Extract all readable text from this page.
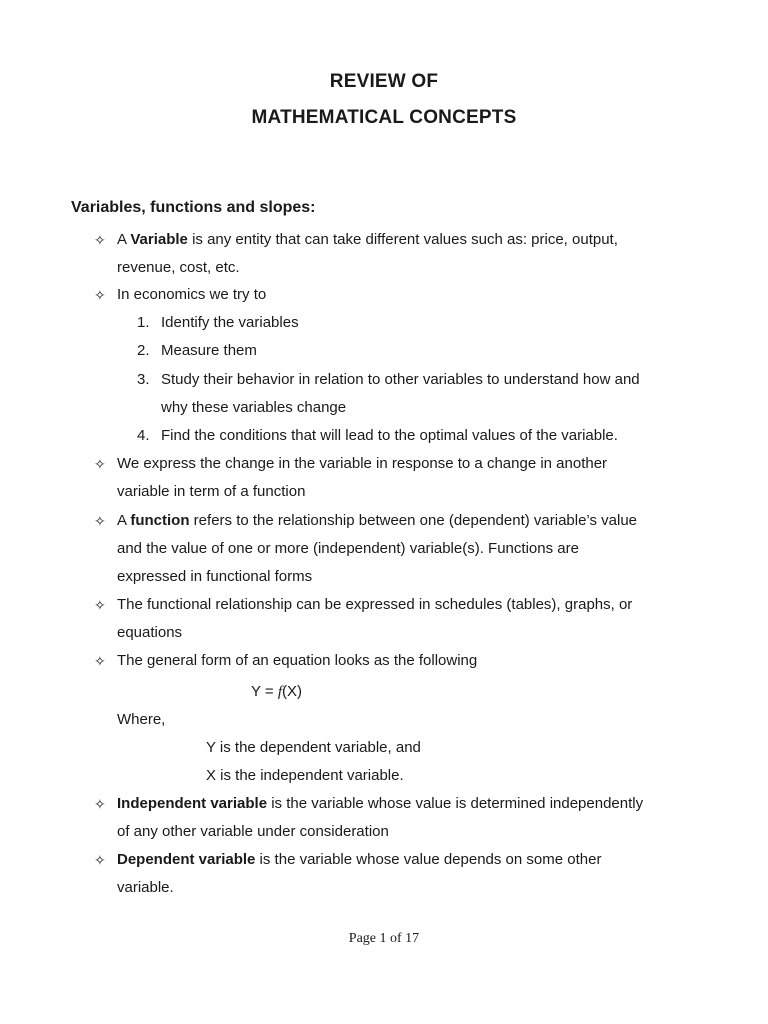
REVIEW OF
MATHEMATICAL CONCEPTS
Variables, functions and slopes:
✧ A Variable is any entity that can take different values such as: price, output,
revenue, cost, etc.
✧ In economics we try to
1. Identify the variables
2. Measure them
3. Study their behavior in relation to other variables to understand how and
why these variables change
4. Find the conditions that will lead to the optimal values of the variable.
✧ We express the change in the variable in response to a change in another
variable in term of a function
✧ A function refers to the relationship between one (dependent) variable’s value
and the value of one or more (independent) variable(s). Functions are
expressed in functional forms
✧ The functional relationship can be expressed in schedules (tables), graphs, or
equations
✧ The general form of an equation looks as the following
Y = f(X)
Where,
Y is the dependent variable, and
X is the independent variable.
✧ Independent variable is the variable whose value is determined independently
of any other variable under consideration
✧ Dependent variable is the variable whose value depends on some other
variable.
Page 1 of 17
